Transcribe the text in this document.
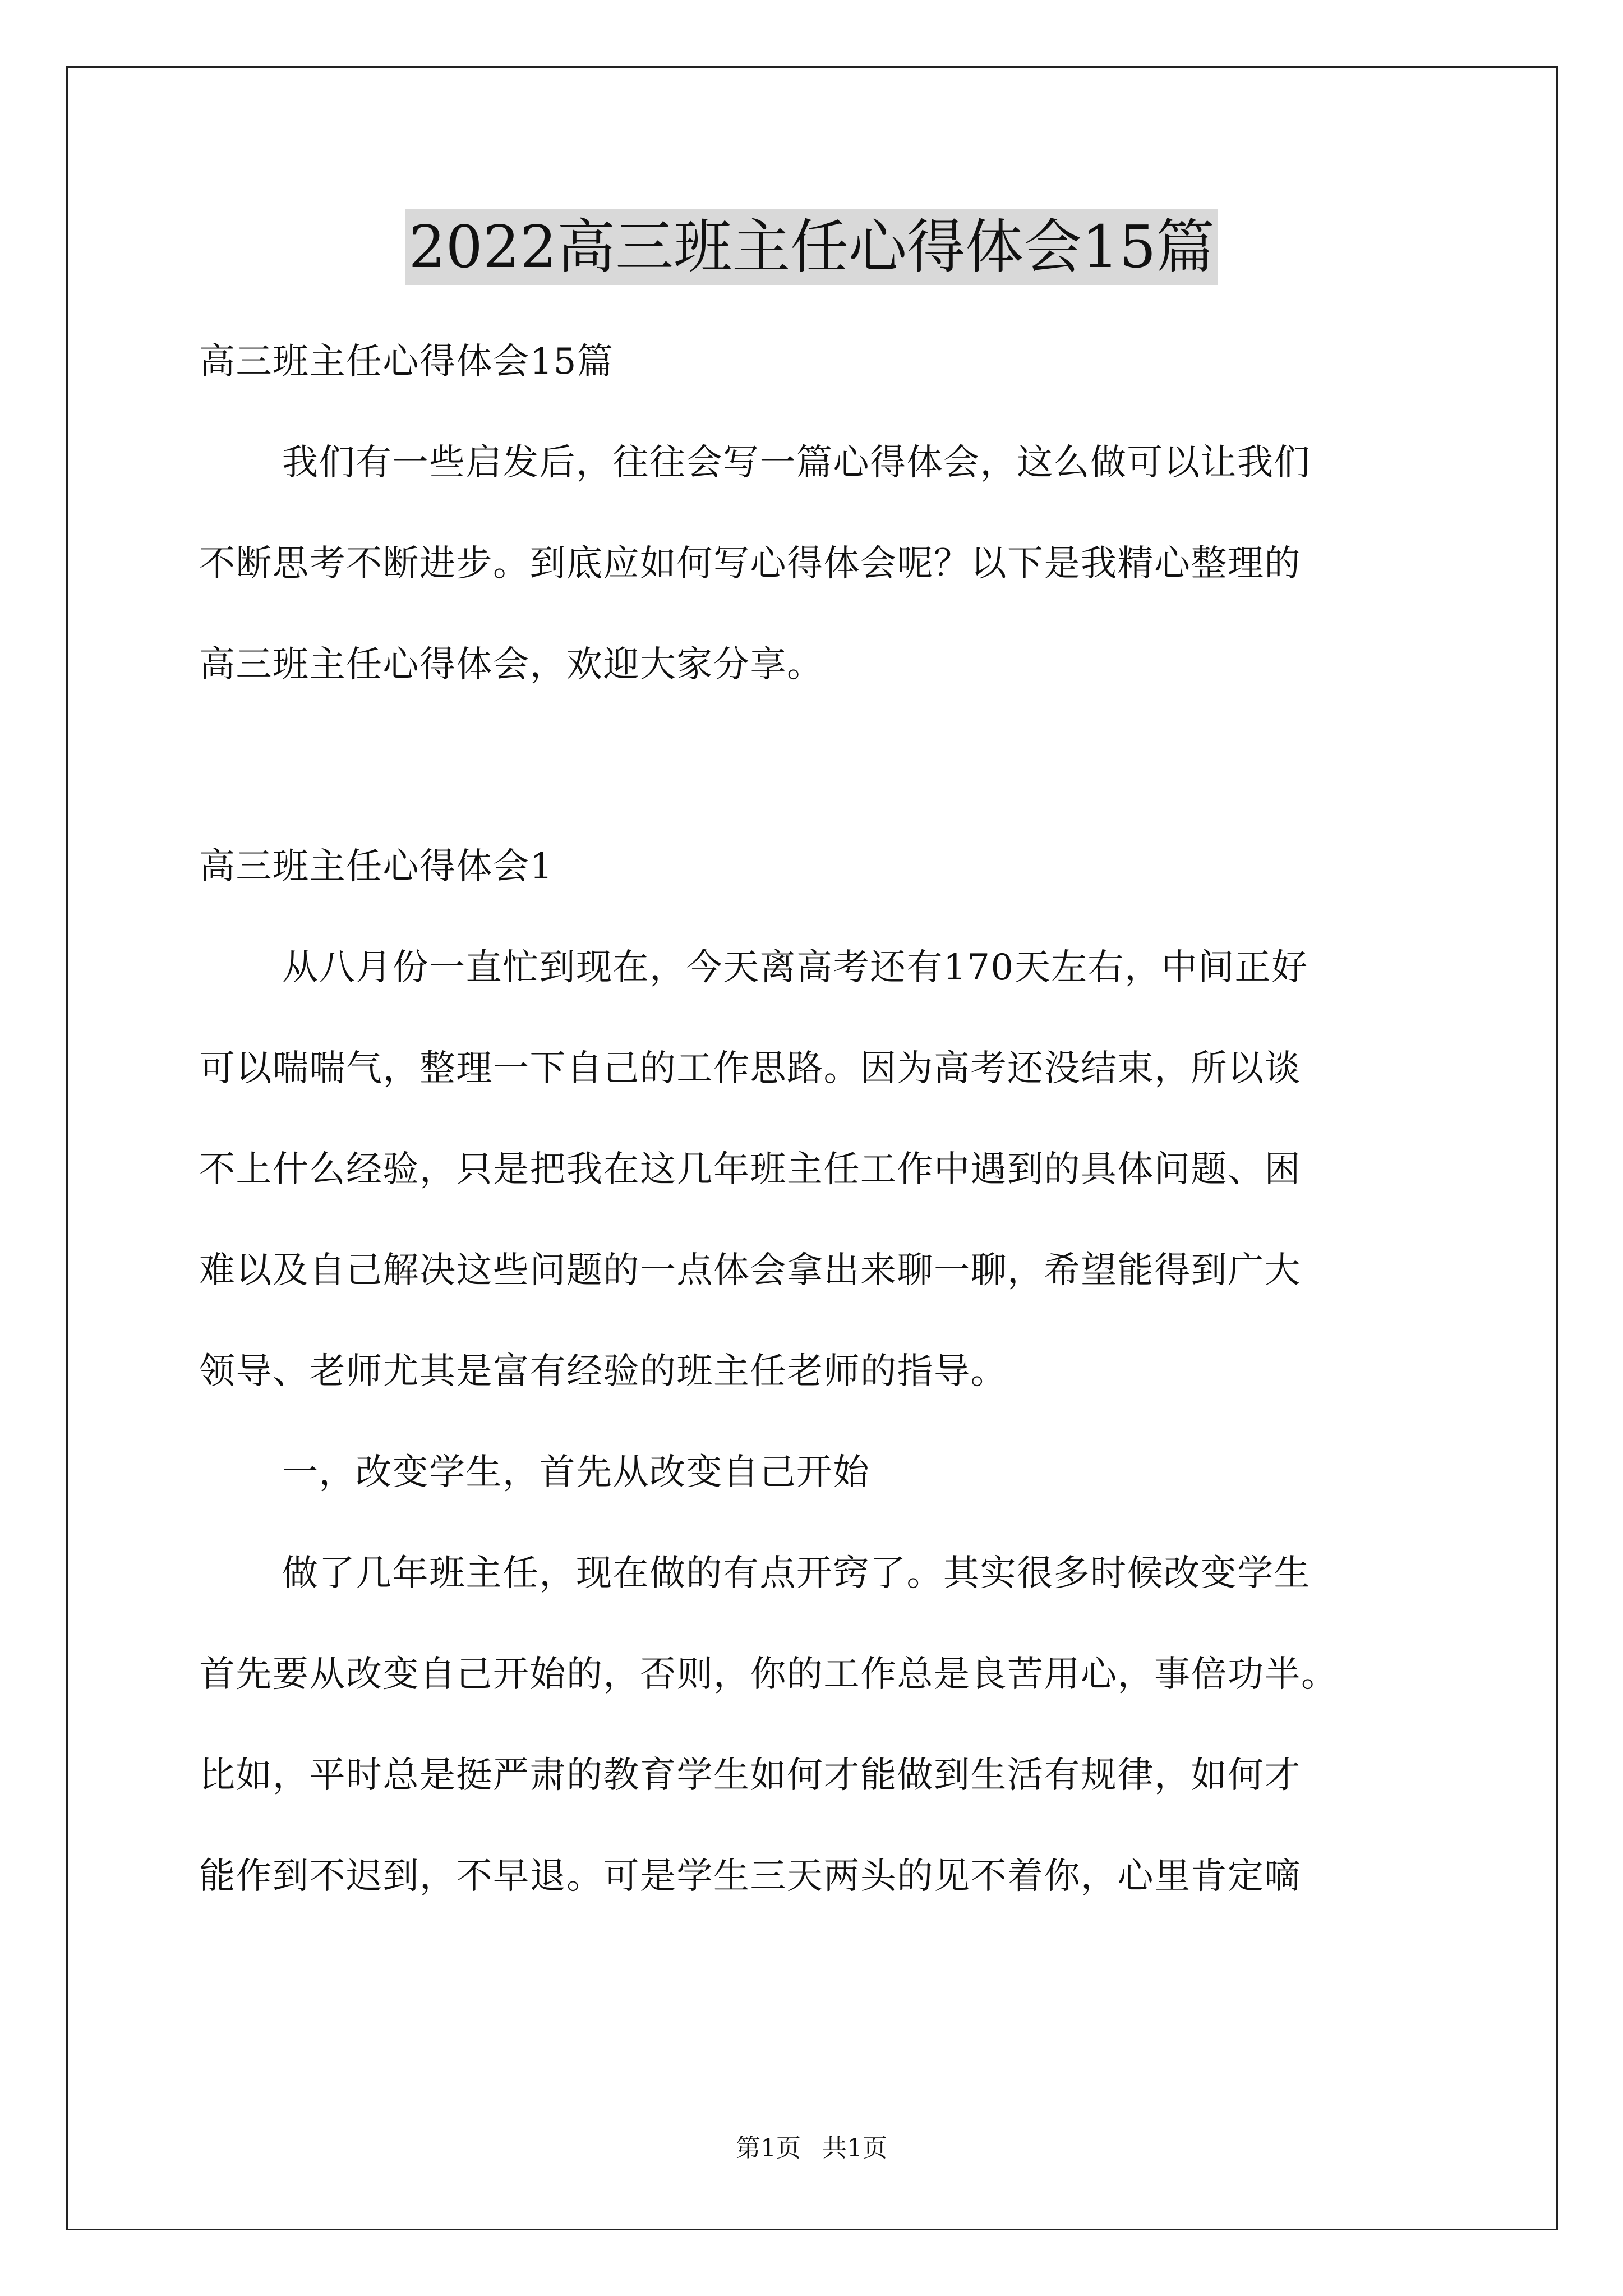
2022高三班主任心得体会15篇
高三班主任心得体会15篇
我们有一些启发后，往往会写一篇心得体会，这么做可以让我们
不断思考不断进步。到底应如何写心得体会呢？以下是我精心整理的
高三班主任心得体会，欢迎大家分享。
高三班主任心得体会1
从八月份一直忙到现在，今天离高考还有170天左右，中间正好
可以喘喘气，整理一下自己的工作思路。因为高考还没结束，所以谈
不上什么经验，只是把我在这几年班主任工作中遇到的具体问题、困
难以及自己解决这些问题的一点体会拿出来聊一聊，希望能得到广大
领导、老师尤其是富有经验的班主任老师的指导。
一，改变学生，首先从改变自己开始
做了几年班主任，现在做的有点开窍了。其实很多时候改变学生
首先要从改变自己开始的，否则，你的工作总是良苦用心，事倍功半。
比如，平时总是挺严肃的教育学生如何才能做到生活有规律，如何才
能作到不迟到，不早退。可是学生三天两头的见不着你，心里肯定嘀
第1页 共1页
